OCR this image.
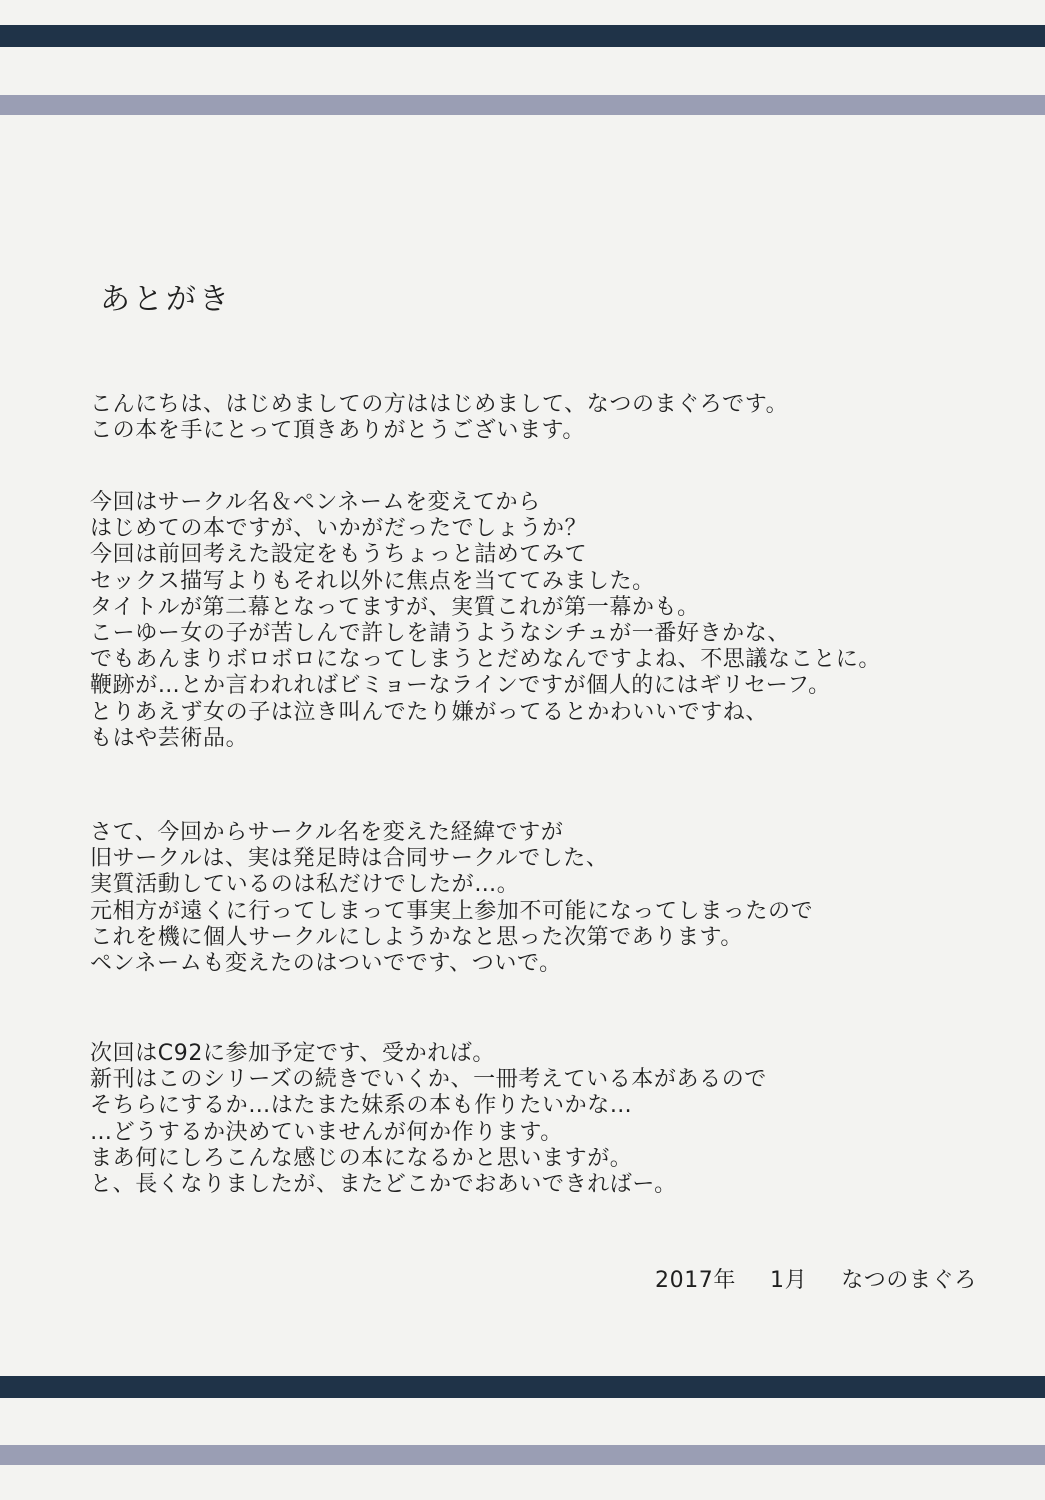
あとがき
こんにちは、はじめましての方ははじめまして、なつのまぐろです。
この本を手にとって頂きありがとうございます。
今回はサークル名＆ペンネームを変えてから
はじめての本ですが、いかがだったでしょうか？
今回は前回考えた設定をもうちょっと詰めてみて
セックス描写よりもそれ以外に焦点を当ててみました。
タイトルが第二幕となってますが、実質これが第一幕かも。
こーゆー女の子が苦しんで許しを請うようなシチュが一番好きかな、
でもあんまりボロボロになってしまうとだめなんですよね、不思議なことに。
鞭跡が…とか言われればビミョーなラインですが個人的にはギリセーフ。
とりあえず女の子は泣き叫んでたり嫌がってるとかわいいですね、
もはや芸術品。
さて、今回からサークル名を変えた経緯ですが
旧サークルは、実は発足時は合同サークルでした、
実質活動しているのは私だけでしたが…。
元相方が遠くに行ってしまって事実上参加不可能になってしまったので
これを機に個人サークルにしようかなと思った次第であります。
ペンネームも変えたのはついでです、ついで。
次回はC92に参加予定です、受かれば。
新刊はこのシリーズの続きでいくか、一冊考えている本があるので
そちらにするか…はたまた妹系の本も作りたいかな…
…どうするか決めていませんが何か作ります。
まあ何にしろこんな感じの本になるかと思いますが。
と、長くなりましたが、またどこかでおあいできればー。
2017年 1月 なつのまぐろ
